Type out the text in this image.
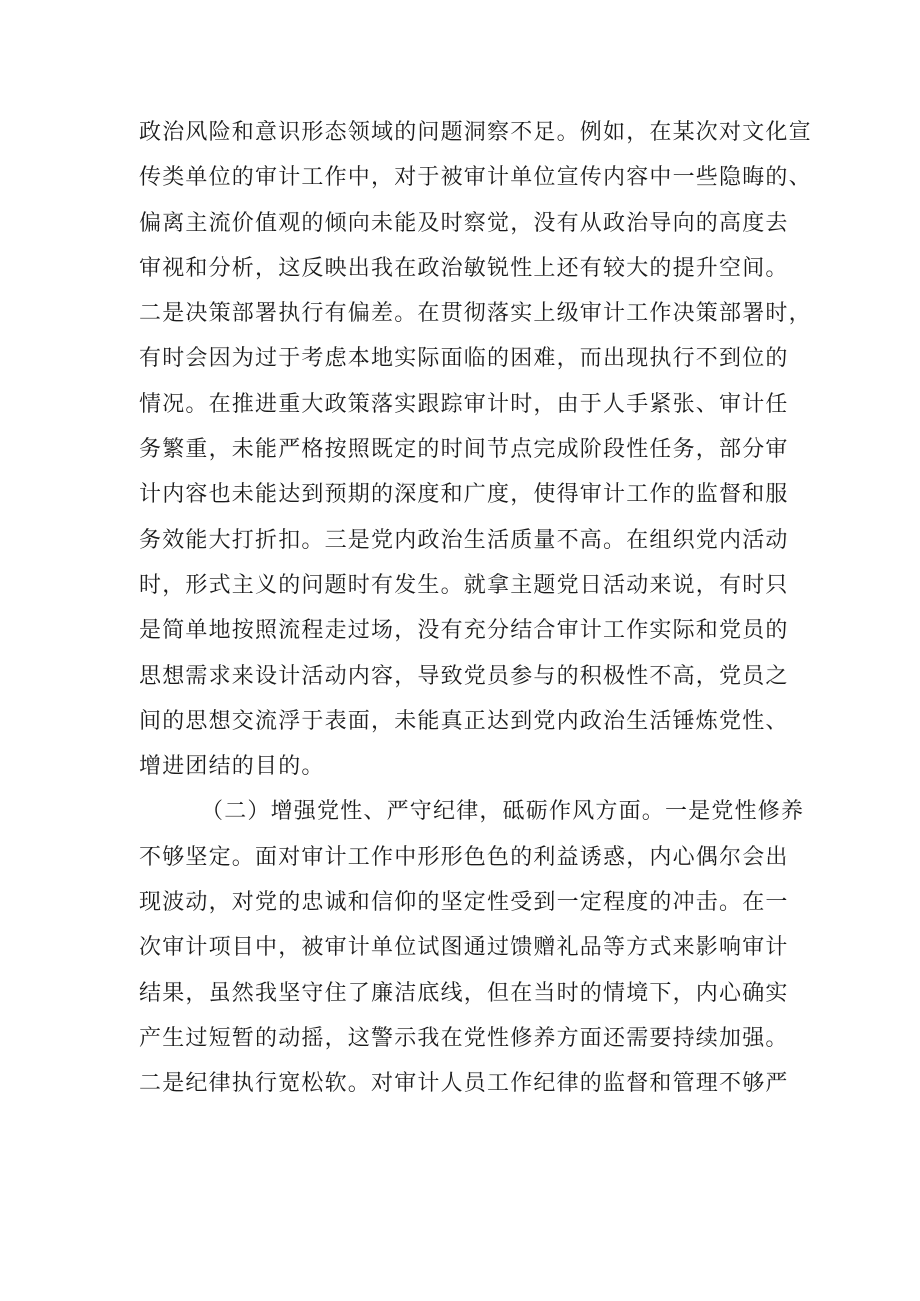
政治风险和意识形态领域的问题洞察不足。例如，在某次对文化宣
传类单位的审计工作中，对于被审计单位宣传内容中一些隐晦的、
偏离主流价值观的倾向未能及时察觉，没有从政治导向的高度去
审视和分析，这反映出我在政治敏锐性上还有较大的提升空间。
二是决策部署执行有偏差。在贯彻落实上级审计工作决策部署时，
有时会因为过于考虑本地实际面临的困难，而出现执行不到位的
情况。在推进重大政策落实跟踪审计时，由于人手紧张、审计任
务繁重，未能严格按照既定的时间节点完成阶段性任务，部分审
计内容也未能达到预期的深度和广度，使得审计工作的监督和服
务效能大打折扣。三是党内政治生活质量不高。在组织党内活动
时，形式主义的问题时有发生。就拿主题党日活动来说，有时只
是简单地按照流程走过场，没有充分结合审计工作实际和党员的
思想需求来设计活动内容，导致党员参与的积极性不高，党员之
间的思想交流浮于表面，未能真正达到党内政治生活锤炼党性、
增进团结的目的。
（二）增强党性、严守纪律，砥砺作风方面。一是党性修养
不够坚定。面对审计工作中形形色色的利益诱惑，内心偶尔会出
现波动，对党的忠诚和信仰的坚定性受到一定程度的冲击。在一
次审计项目中，被审计单位试图通过馈赠礼品等方式来影响审计
结果，虽然我坚守住了廉洁底线，但在当时的情境下，内心确实
产生过短暂的动摇，这警示我在党性修养方面还需要持续加强。
二是纪律执行宽松软。对审计人员工作纪律的监督和管理不够严
